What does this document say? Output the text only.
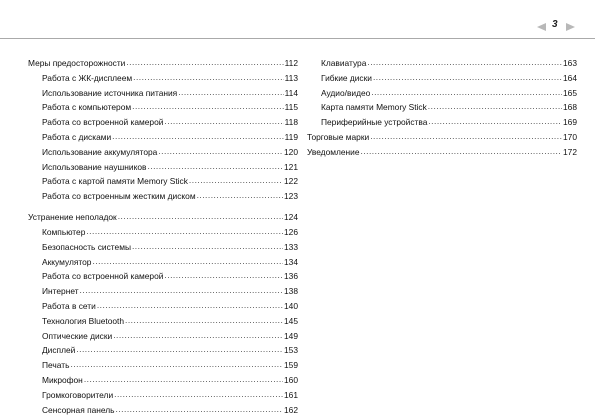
3
Меры предосторожности .....	112
Работа с ЖК-дисплеем .....	113
Использование источника питания .....	114
Работа с компьютером .....	115
Работа со встроенной камерой .....	118
Работа с дисками .....	119
Использование аккумулятора .....	120
Использование наушников .....	121
Работа с картой памяти Memory Stick .....	122
Работа со встроенным жестким диском .....	123
Устранение неполадок .....	124
Компьютер .....	126
Безопасность системы .....	133
Аккумулятор .....	134
Работа со встроенной камерой .....	136
Интернет .....	138
Работа в сети .....	140
Технология Bluetooth .....	145
Оптические диски .....	149
Дисплей .....	153
Печать .....	159
Микрофон .....	160
Громкоговорители .....	161
Сенсорная панель .....	162
Клавиатура .....	163
Гибкие диски .....	164
Аудио/видео .....	165
Карта памяти Memory Stick .....	168
Периферийные устройства .....	169
Торговые марки .....	170
Уведомление .....	172
